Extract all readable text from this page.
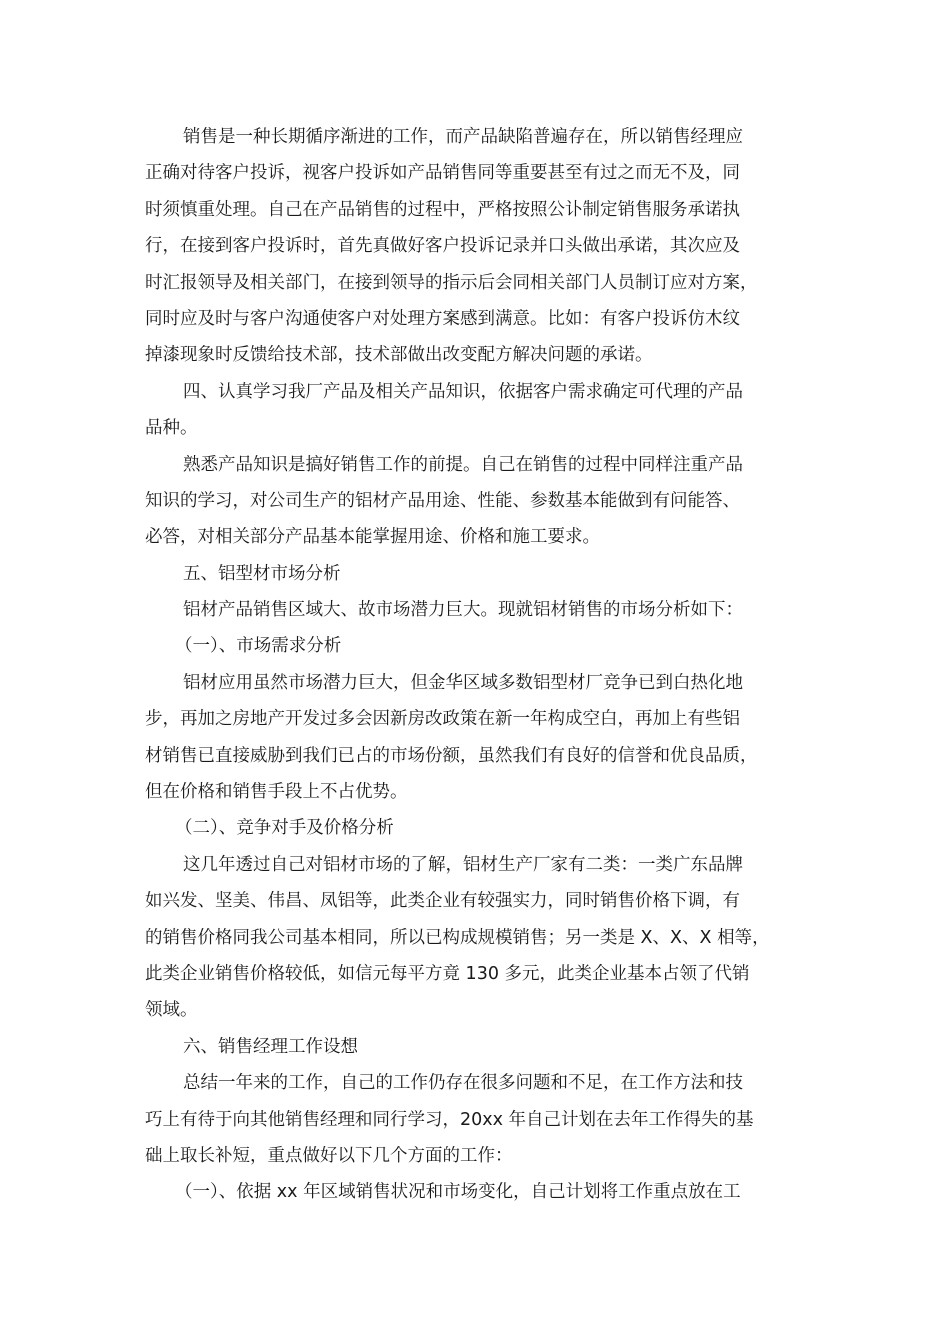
销售是一种长期循序渐进的工作，而产品缺陷普遍存在，所以销售经理应
正确对待客户投诉，视客户投诉如产品销售同等重要甚至有过之而无不及，同
时须慎重处理。自己在产品销售的过程中，严格按照公讣制定销售服务承诺执
行，在接到客户投诉时，首先真做好客户投诉记录并口头做出承诺，其次应及
时汇报领导及相关部门，在接到领导的指示后会同相关部门人员制订应对方案，
同时应及时与客户沟通使客户对处理方案感到满意。比如：有客户投诉仿木纹
掉漆现象时反馈给技术部，技术部做出改变配方解决问题的承诺。
四、认真学习我厂产品及相关产品知识，依据客户需求确定可代理的产品
品种。
熟悉产品知识是搞好销售工作的前提。自己在销售的过程中同样注重产品
知识的学习，对公司生产的铝材产品用途、性能、参数基本能做到有问能答、
必答，对相关部分产品基本能掌握用途、价格和施工要求。
五、铝型材市场分析
铝材产品销售区域大、故市场潜力巨大。现就铝材销售的市场分析如下：
（一）、市场需求分析
铝材应用虽然市场潜力巨大，但金华区域多数铝型材厂竞争已到白热化地
步，再加之房地产开发过多会因新房改政策在新一年构成空白，再加上有些铝
材销售已直接威胁到我们已占的市场份额，虽然我们有良好的信誉和优良品质，
但在价格和销售手段上不占优势。
（二）、竞争对手及价格分析
这几年透过自己对铝材市场的了解，铝材生产厂家有二类：一类广东品牌
如兴发、坚美、伟昌、凤铝等，此类企业有较强实力，同时销售价格下调，有
的销售价格同我公司基本相同，所以已构成规模销售；另一类是 X、X、X 相等，
此类企业销售价格较低，如信元每平方竟 130 多元，此类企业基本占领了代销
领域。
六、销售经理工作设想
总结一年来的工作，自己的工作仍存在很多问题和不足，在工作方法和技
巧上有待于向其他销售经理和同行学习，20xx 年自己计划在去年工作得失的基
础上取长补短，重点做好以下几个方面的工作：
（一）、依据 xx 年区域销售状况和市场变化，自己计划将工作重点放在工
